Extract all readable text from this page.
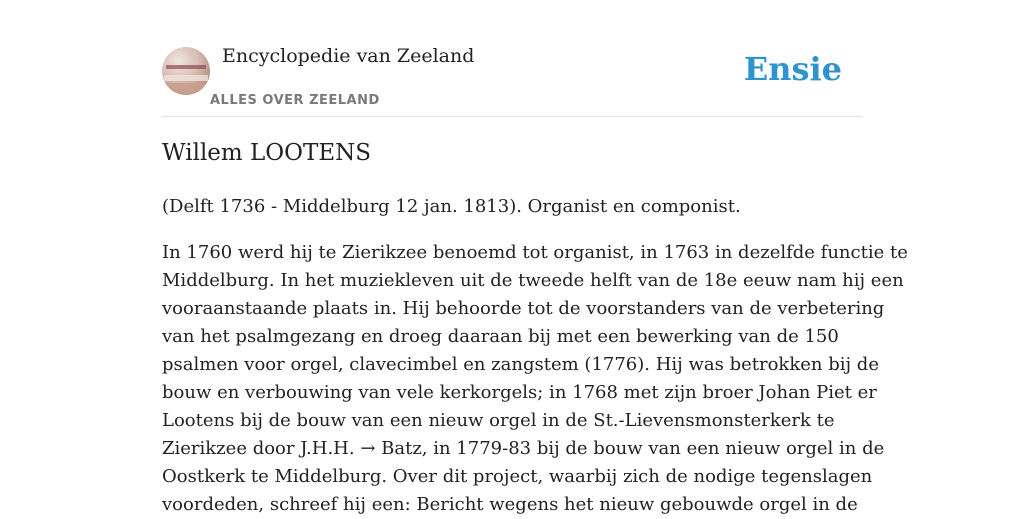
Encyclopedie van Zeeland
ALLES OVER ZEELAND
Ensie
Willem LOOTENS

(Delft 1736 - Middelburg 12 jan. 1813). Organist en componist.

In 1760 werd hij te Zierikzee benoemd tot organist, in 1763 in dezelfde functie te
Middelburg. In het muziekleven uit de tweede helft van de 18e eeuw nam hij een
vooraanstaande plaats in. Hij behoorde tot de voorstanders van de verbetering
van het psalmgezang en droeg daaraan bij met een bewerking van de 150
psalmen voor orgel, clavecimbel en zangstem (1776). Hij was betrokken bij de
bouw en verbouwing van vele kerkorgels; in 1768 met zijn broer Johan Piet er
Lootens bij de bouw van een nieuw orgel in de St.-Lievensmonsterkerk te
Zierikzee door J.H.H. → Batz, in 1779-83 bij de bouw van een nieuw orgel in de
Oostkerk te Middelburg. Over dit project, waarbij zich de nodige tegenslagen
voordeden, schreef hij een: Bericht wegens het nieuw gebouwde orgel in de
